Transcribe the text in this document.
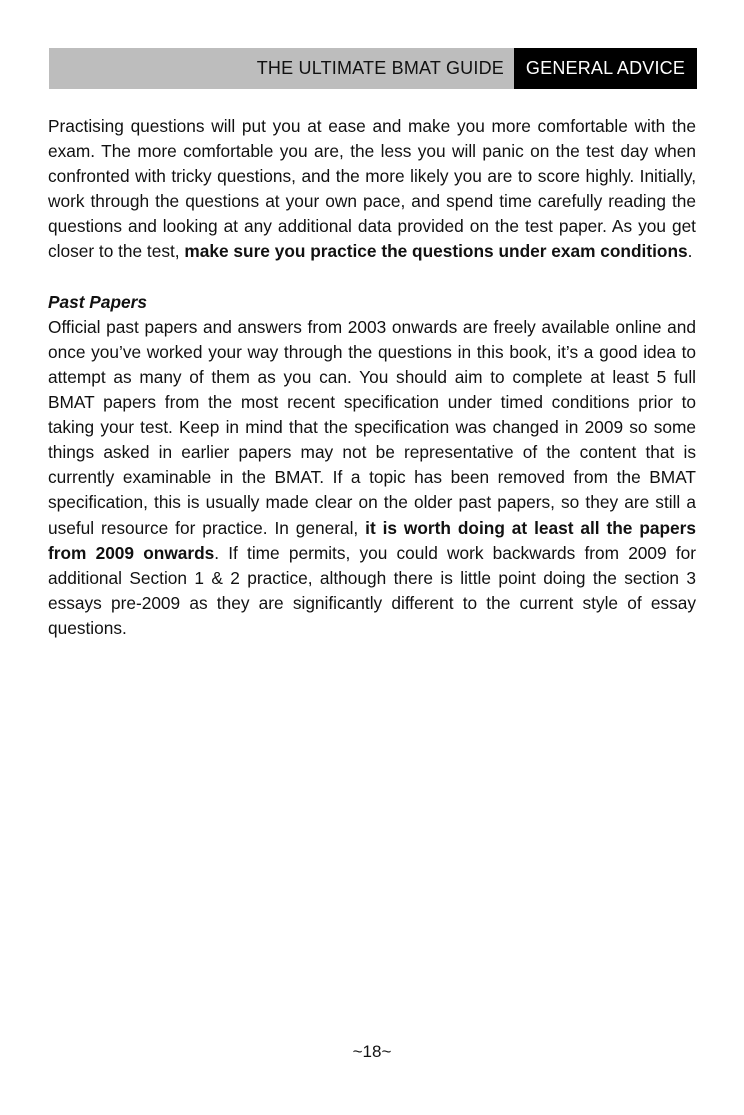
THE ULTIMATE BMAT GUIDE	GENERAL ADVICE

Practising questions will put you at ease and make you more comfortable with the exam. The more comfortable you are, the less you will panic on the test day when confronted with tricky questions, and the more likely you are to score highly. Initially, work through the questions at your own pace, and spend time carefully reading the questions and looking at any additional data provided on the test paper. As you get closer to the test, make sure you practice the questions under exam conditions.

Past Papers

Official past papers and answers from 2003 onwards are freely available online and once you’ve worked your way through the questions in this book, it’s a good idea to attempt as many of them as you can. You should aim to complete at least 5 full BMAT papers from the most recent specification under timed conditions prior to taking your test. Keep in mind that the specification was changed in 2009 so some things asked in earlier papers may not be representative of the content that is currently examinable in the BMAT. If a topic has been removed from the BMAT specification, this is usually made clear on the older past papers, so they are still a useful resource for practice. In general, it is worth doing at least all the papers from 2009 onwards. If time permits, you could work backwards from 2009 for additional Section 1 & 2 practice, although there is little point doing the section 3 essays pre-2009 as they are significantly different to the current style of essay questions.

~18~
